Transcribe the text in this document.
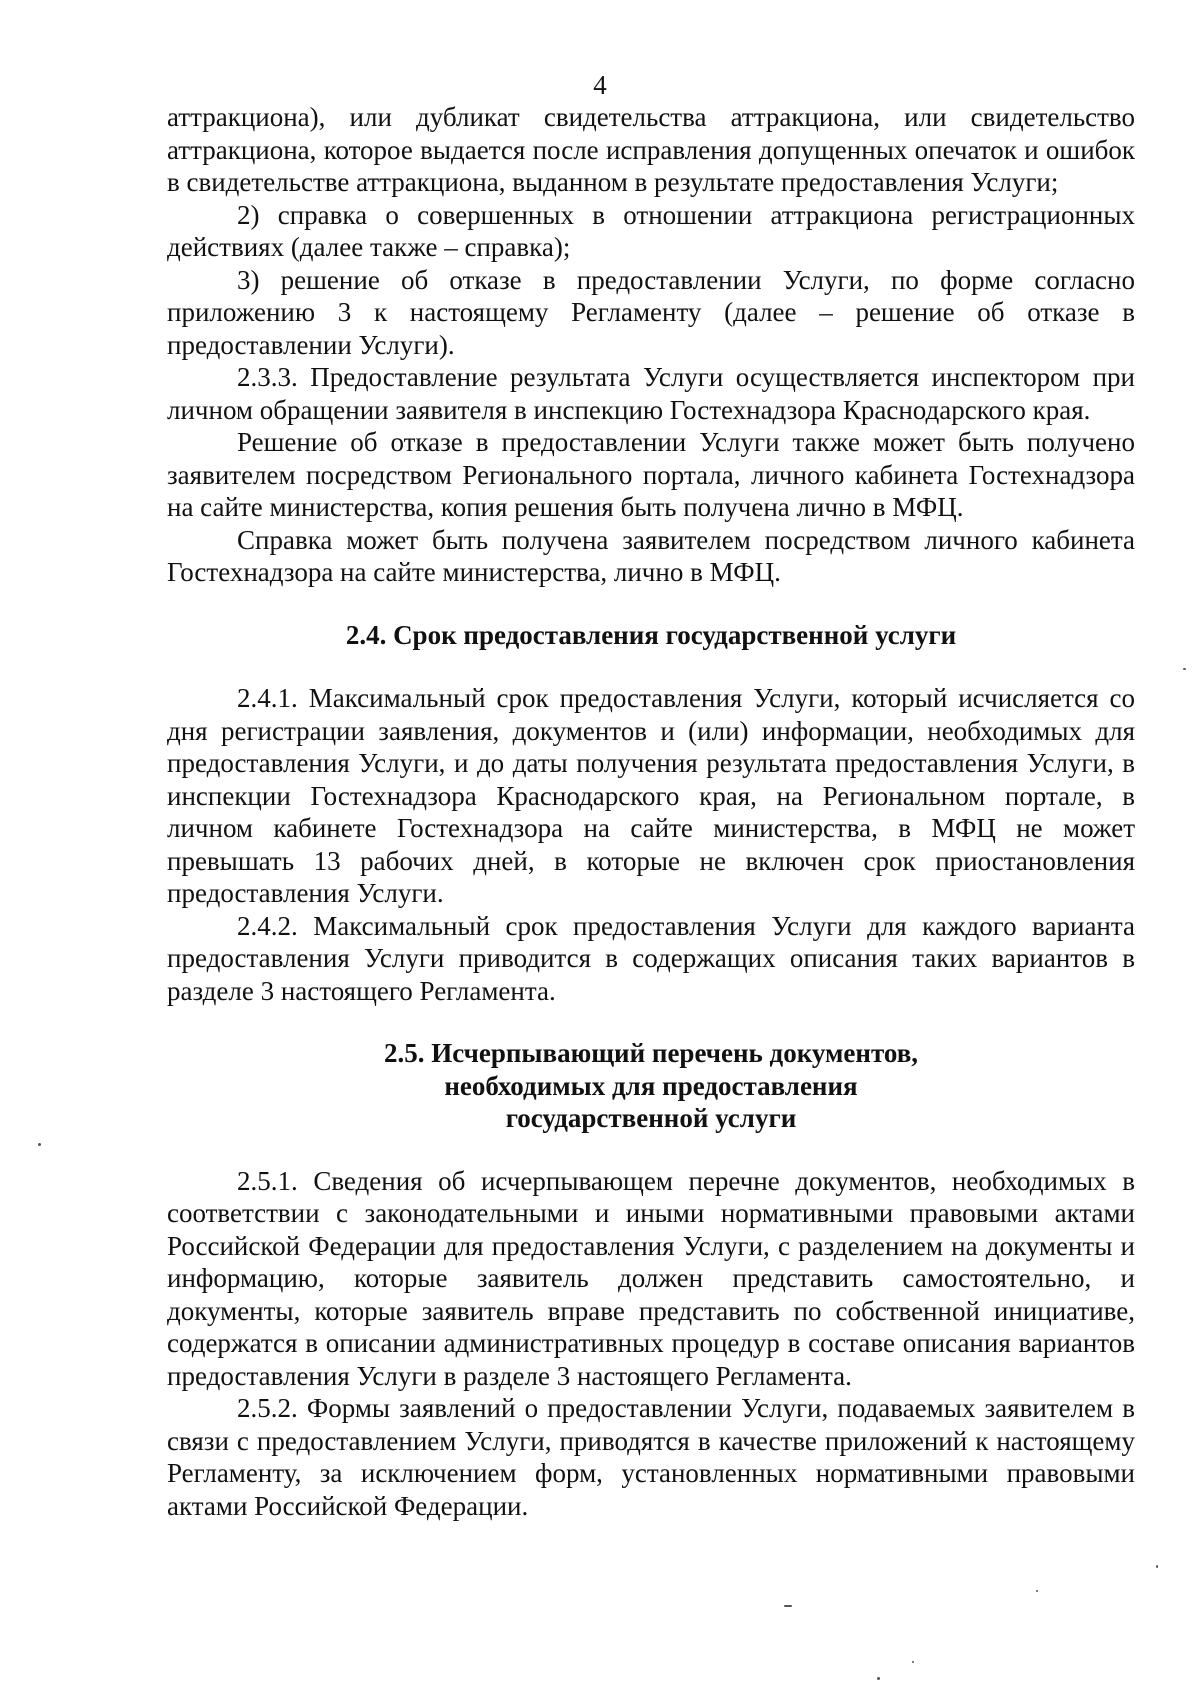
4

аттракциона), или дубликат свидетельства аттракциона, или свидетельство аттракциона, которое выдается после исправления допущенных опечаток и ошибок в свидетельстве аттракциона, выданном в результате предоставления Услуги;

2) справка о совершенных в отношении аттракциона регистрационных действиях (далее также – справка);

3) решение об отказе в предоставлении Услуги, по форме согласно приложению 3 к настоящему Регламенту (далее – решение об отказе в предоставлении Услуги).

2.3.3. Предоставление результата Услуги осуществляется инспектором при личном обращении заявителя в инспекцию Гостехнадзора Краснодарского края.

Решение об отказе в предоставлении Услуги также может быть получено заявителем посредством Регионального портала, личного кабинета Гостехнадзора на сайте министерства, копия решения быть получена лично в МФЦ.

Справка может быть получена заявителем посредством личного кабинета Гостехнадзора на сайте министерства, лично в МФЦ.

2.4. Срок предоставления государственной услуги

2.4.1. Максимальный срок предоставления Услуги, который исчисляется со дня регистрации заявления, документов и (или) информации, необходимых для предоставления Услуги, и до даты получения результата предоставления Услуги, в инспекции Гостехнадзора Краснодарского края, на Региональном портале, в личном кабинете Гостехнадзора на сайте министерства, в МФЦ не может превышать 13 рабочих дней, в которые не включен срок приостановления предоставления Услуги.

2.4.2. Максимальный срок предоставления Услуги для каждого варианта предоставления Услуги приводится в содержащих описания таких вариантов в разделе 3 настоящего Регламента.

2.5. Исчерпывающий перечень документов,
необходимых для предоставления
государственной услуги

2.5.1. Сведения об исчерпывающем перечне документов, необходимых в соответствии с законодательными и иными нормативными правовыми актами Российской Федерации для предоставления Услуги, с разделением на документы и информацию, которые заявитель должен представить самостоятельно, и документы, которые заявитель вправе представить по собственной инициативе, содержатся в описании административных процедур в составе описания вариантов предоставления Услуги в разделе 3 настоящего Регламента.

2.5.2. Формы заявлений о предоставлении Услуги, подаваемых заявителем в связи с предоставлением Услуги, приводятся в качестве приложений к настоящему Регламенту, за исключением форм, установленных нормативными правовыми актами Российской Федерации.
